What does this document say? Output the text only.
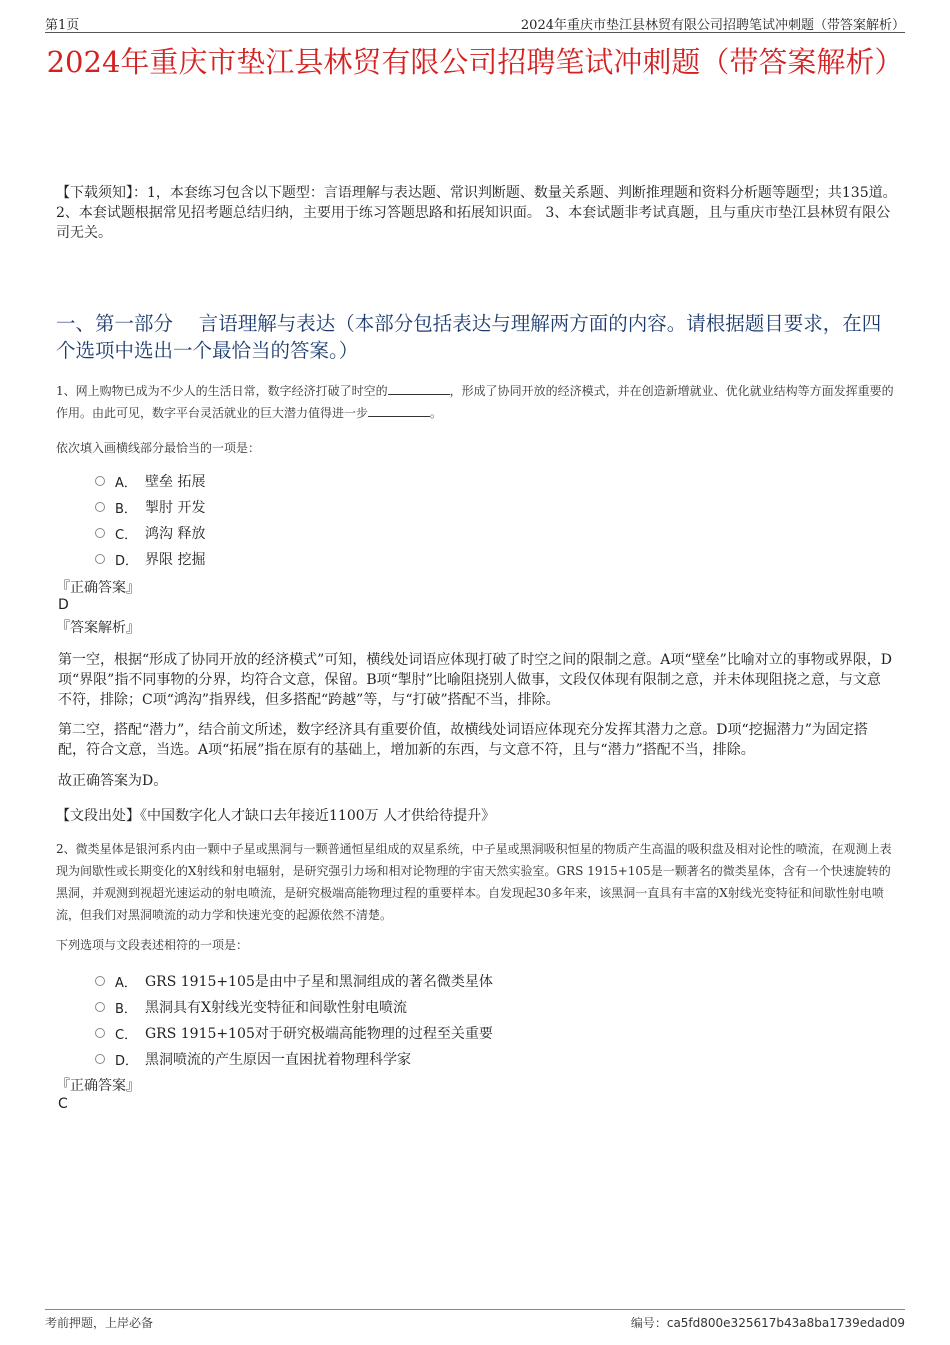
第1页	2024年重庆市垫江县林贸有限公司招聘笔试冲刺题（带答案解析）
2024年重庆市垫江县林贸有限公司招聘笔试冲刺题（带答案解析）

【下载须知】：1，本套练习包含以下题型：言语理解与表达题、常识判断题、数量关系题、判断推理题和资料分析题等题型；共135道。 2、本套试题根据常见招考题总结归纳，主要用于练习答题思路和拓展知识面。 3、本套试题非考试真题，且与重庆市垫江县林贸有限公司无关。

一、第一部分　 言语理解与表达（本部分包括表达与理解两方面的内容。请根据题目要求，在四个选项中选出一个最恰当的答案。）

1、网上购物已成为不少人的生活日常，数字经济打破了时空的	，形成了协同开放的经济模式，并在创造新增就业、优化就业结构等方面发挥重要的作用。由此可见，数字平台灵活就业的巨大潜力值得进一步	。

依次填入画横线部分最恰当的一项是：

A． 壁垒 拓展
B． 掣肘 开发
C． 鸿沟 释放
D． 界限 挖掘

『正确答案』

D

『答案解析』

第一空，根据“形成了协同开放的经济模式”可知，横线处词语应体现打破了时空之间的限制之意。A项“壁垒”比喻对立的事物或界限，D项“界限”指不同事物的分界，均符合文意，保留。B项“掣肘”比喻阻挠别人做事，文段仅体现有限制之意，并未体现阻挠之意，与文意不符，排除；C项“鸿沟”指界线，但多搭配“跨越”等，与“打破”搭配不当，排除。

第二空，搭配“潜力”，结合前文所述，数字经济具有重要价值，故横线处词语应体现充分发挥其潜力之意。D项“挖掘潜力”为固定搭配，符合文意，当选。A项“拓展”指在原有的基础上，增加新的东西，与文意不符，且与“潜力”搭配不当，排除。

故正确答案为D。

【文段出处】《中国数字化人才缺口去年接近1100万 人才供给待提升》

2、微类星体是银河系内由一颗中子星或黑洞与一颗普通恒星组成的双星系统，中子星或黑洞吸积恒星的物质产生高温的吸积盘及相对论性的喷流，在观测上表现为间歇性或长期变化的X射线和射电辐射，是研究强引力场和相对论物理的宇宙天然实验室。GRS 1915+105是一颗著名的微类星体，含有一个快速旋转的黑洞，并观测到视超光速运动的射电喷流，是研究极端高能物理过程的重要样本。自发现起30多年来，该黑洞一直具有丰富的X射线光变特征和间歇性射电喷流，但我们对黑洞喷流的动力学和快速光变的起源依然不清楚。

下列选项与文段表述相符的一项是：

A． GRS 1915+105是由中子星和黑洞组成的著名微类星体
B． 黑洞具有X射线光变特征和间歇性射电喷流
C． GRS 1915+105对于研究极端高能物理的过程至关重要
D． 黑洞喷流的产生原因一直困扰着物理科学家

『正确答案』

C
考前押题，上岸必备	编号：ca5fd800e325617b43a8ba1739edad09
